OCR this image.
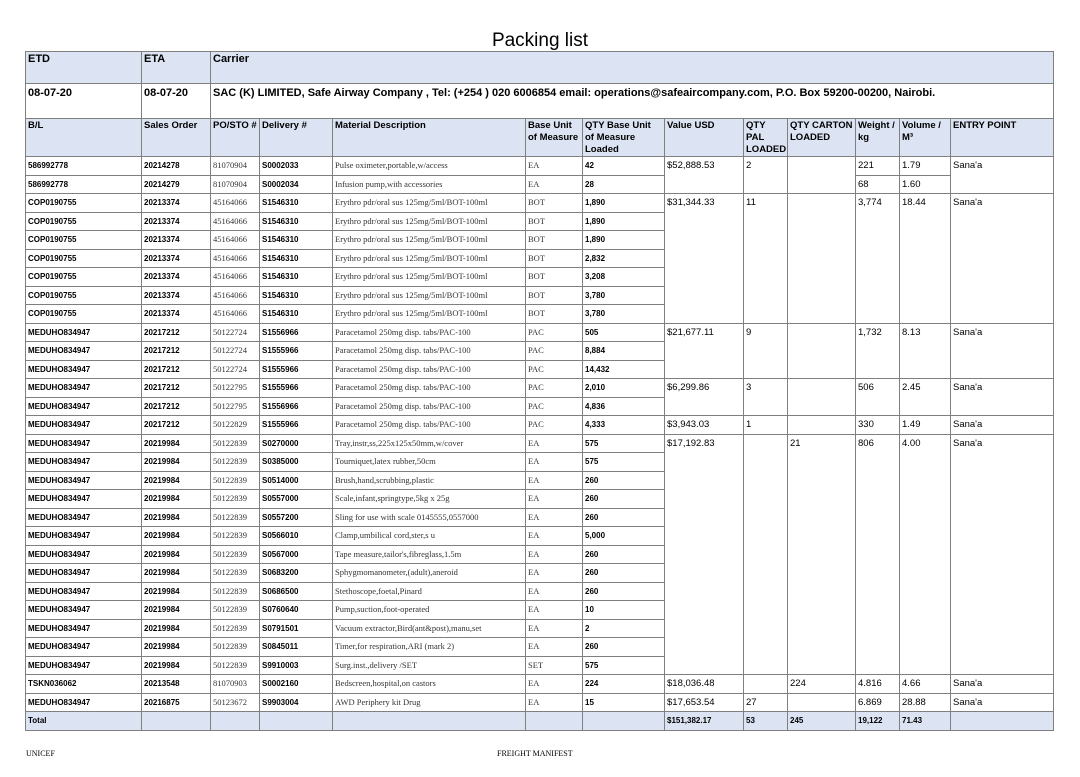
Packing list
ETD	ETA	Carrier
08-07-20	08-07-20	SAC (K) LIMITED, Safe Airway Company , Tel: (+254 ) 020 6006854 email: operations@safeaircompany.com, P.O. Box 59200-00200, Nairobi.
B/L	Sales Order	PO/STO #	Delivery #	Material Description	Base Unit of Measure	QTY Base Unit of Measure Loaded	Value USD	QTY PAL LOADED	QTY CARTON LOADED	Weight / kg	Volume / M³	ENTRY POINT
586992778	20214278	81070904	S0002033	Pulse oximeter,portable,w/access	EA	42	$52,888.53	2		221	1.79	Sana'a
586992778	20214279	81070904	S0002034	Infusion pump,with accessories	EA	28				68	1.60	
COP0190755	20213374	45164066	S1546310	Erythro pdr/oral sus 125mg/5ml/BOT-100ml	BOT	1,890	$31,344.33	11		3,774	18.44	Sana'a
COP0190755	20213374	45164066	S1546310	Erythro pdr/oral sus 125mg/5ml/BOT-100ml	BOT	1,890						
COP0190755	20213374	45164066	S1546310	Erythro pdr/oral sus 125mg/5ml/BOT-100ml	BOT	1,890						
COP0190755	20213374	45164066	S1546310	Erythro pdr/oral sus 125mg/5ml/BOT-100ml	BOT	2,832						
COP0190755	20213374	45164066	S1546310	Erythro pdr/oral sus 125mg/5ml/BOT-100ml	BOT	3,208						
COP0190755	20213374	45164066	S1546310	Erythro pdr/oral sus 125mg/5ml/BOT-100ml	BOT	3,780						
COP0190755	20213374	45164066	S1546310	Erythro pdr/oral sus 125mg/5ml/BOT-100ml	BOT	3,780						
MEDUHO834947	20217212	50122724	S1556966	Paracetamol 250mg disp. tabs/PAC-100	PAC	505	$21,677.11	9		1,732	8.13	Sana'a
MEDUHO834947	20217212	50122724	S1555966	Paracetamol 250mg disp. tabs/PAC-100	PAC	8,884						
MEDUHO834947	20217212	50122724	S1555966	Paracetamol 250mg disp. tabs/PAC-100	PAC	14,432						
MEDUHO834947	20217212	50122795	S1555966	Paracetamol 250mg disp. tabs/PAC-100	PAC	2,010	$6,299.86	3		506	2.45	Sana'a
MEDUHO834947	20217212	50122795	S1556966	Paracetamol 250mg disp. tabs/PAC-100	PAC	4,836						
MEDUHO834947	20217212	50122829	S1555966	Paracetamol 250mg disp. tabs/PAC-100	PAC	4,333	$3,943.03	1		330	1.49	Sana'a
MEDUHO834947	20219984	50122839	S0270000	Tray,instr,ss,225x125x50mm,w/cover	EA	575	$17,192.83		21	806	4.00	Sana'a
MEDUHO834947	20219984	50122839	S0385000	Tourniquet,latex rubber,50cm	EA	575						
MEDUHO834947	20219984	50122839	S0514000	Brush,hand,scrubbing,plastic	EA	260						
MEDUHO834947	20219984	50122839	S0557000	Scale,infant,springtype,5kg x 25g	EA	260						
MEDUHO834947	20219984	50122839	S0557200	Sling for use with scale 0145555,0557000	EA	260						
MEDUHO834947	20219984	50122839	S0566010	Clamp,umbilical cord,ster,s u	EA	5,000						
MEDUHO834947	20219984	50122839	S0567000	Tape measure,tailor's,fibreglass,1.5m	EA	260						
MEDUHO834947	20219984	50122839	S0683200	Sphygmomanometer,(adult),aneroid	EA	260						
MEDUHO834947	20219984	50122839	S0686500	Stethoscope,foetal,Pinard	EA	260						
MEDUHO834947	20219984	50122839	S0760640	Pump,suction,foot-operated	EA	10						
MEDUHO834947	20219984	50122839	S0791501	Vacuum extractor,Bird(ant&post),manu,set	EA	2						
MEDUHO834947	20219984	50122839	S0845011	Timer,for respiration,ARI (mark 2)	EA	260						
MEDUHO834947	20219984	50122839	S9910003	Surg.inst.,delivery /SET	SET	575						
TSKN036062	20213548	81070903	S0002160	Bedscreen,hospital,on castors	EA	224	$18,036.48		224	4.816	4.66	Sana'a
MEDUHO834947	20216875	50123672	S9903004	AWD Periphery kit Drug	EA	15	$17,653.54	27		6.869	28.88	Sana'a
Total							$151,382.17	53	245	19,122	71.43	
UNICEF	FREIGHT MANIFEST
